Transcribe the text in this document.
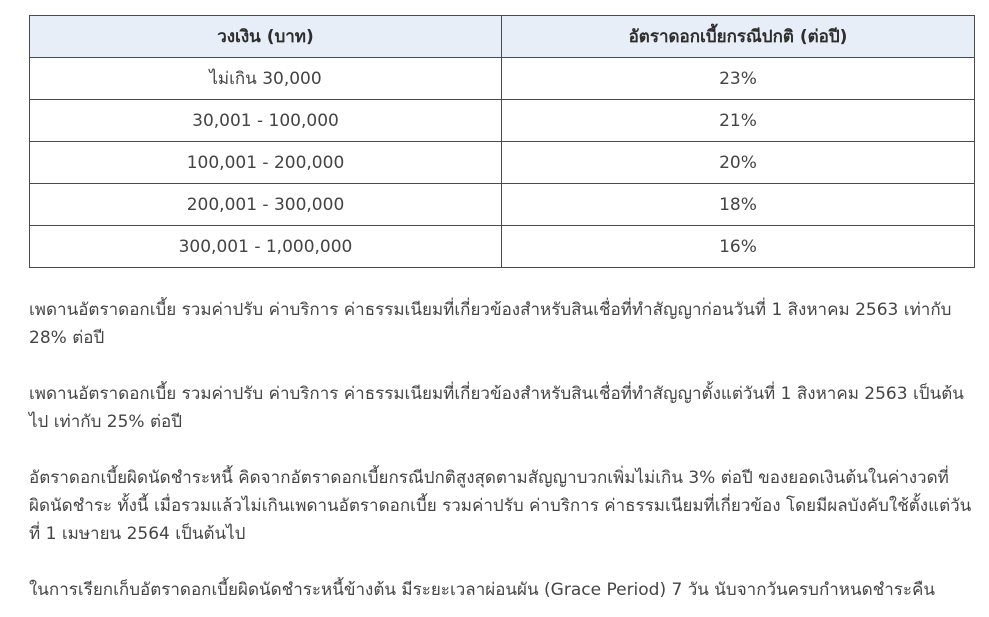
วงเงิน (บาท)	อัตราดอกเบี้ยกรณีปกติ (ต่อปี)
ไม่เกิน 30,000	23%
30,001 - 100,000	21%
100,001 - 200,000	20%
200,001 - 300,000	18%
300,001 - 1,000,000	16%

เพดานอัตราดอกเบี้ย รวมค่าปรับ ค่าบริการ ค่าธรรมเนียมที่เกี่ยวข้องสำหรับสินเชื่อที่ทำสัญญาก่อนวันที่ 1 สิงหาคม 2563 เท่ากับ 28% ต่อปี

เพดานอัตราดอกเบี้ย รวมค่าปรับ ค่าบริการ ค่าธรรมเนียมที่เกี่ยวข้องสำหรับสินเชื่อที่ทำสัญญาตั้งแต่วันที่ 1 สิงหาคม 2563 เป็นต้นไป เท่ากับ 25% ต่อปี

อัตราดอกเบี้ยผิดนัดชำระหนี้ คิดจากอัตราดอกเบี้ยกรณีปกติสูงสุดตามสัญญาบวกเพิ่มไม่เกิน 3% ต่อปี ของยอดเงินต้นในค่างวดที่ผิดนัดชำระ ทั้งนี้ เมื่อรวมแล้วไม่เกินเพดานอัตราดอกเบี้ย รวมค่าปรับ ค่าบริการ ค่าธรรมเนียมที่เกี่ยวข้อง โดยมีผลบังคับใช้ตั้งแต่วันที่ 1 เมษายน 2564 เป็นต้นไป

ในการเรียกเก็บอัตราดอกเบี้ยผิดนัดชำระหนี้ข้างต้น มีระยะเวลาผ่อนผัน (Grace Period) 7 วัน นับจากวันครบกำหนดชำระคืน
